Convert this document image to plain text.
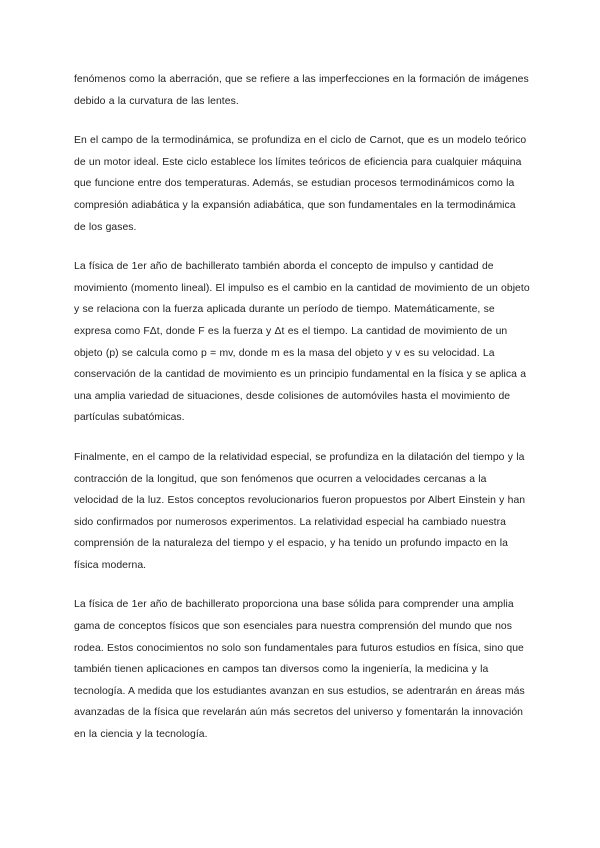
fenómenos como la aberración, que se refiere a las imperfecciones en la formación de imágenes debido a la curvatura de las lentes.

En el campo de la termodinámica, se profundiza en el ciclo de Carnot, que es un modelo teórico de un motor ideal. Este ciclo establece los límites teóricos de eficiencia para cualquier máquina que funcione entre dos temperaturas. Además, se estudian procesos termodinámicos como la compresión adiabática y la expansión adiabática, que son fundamentales en la termodinámica de los gases.

La física de 1er año de bachillerato también aborda el concepto de impulso y cantidad de movimiento (momento lineal). El impulso es el cambio en la cantidad de movimiento de un objeto y se relaciona con la fuerza aplicada durante un período de tiempo. Matemáticamente, se expresa como FΔt, donde F es la fuerza y Δt es el tiempo. La cantidad de movimiento de un objeto (p) se calcula como p = mv, donde m es la masa del objeto y v es su velocidad. La conservación de la cantidad de movimiento es un principio fundamental en la física y se aplica a una amplia variedad de situaciones, desde colisiones de automóviles hasta el movimiento de partículas subatómicas.

Finalmente, en el campo de la relatividad especial, se profundiza en la dilatación del tiempo y la contracción de la longitud, que son fenómenos que ocurren a velocidades cercanas a la velocidad de la luz. Estos conceptos revolucionarios fueron propuestos por Albert Einstein y han sido confirmados por numerosos experimentos. La relatividad especial ha cambiado nuestra comprensión de la naturaleza del tiempo y el espacio, y ha tenido un profundo impacto en la física moderna.

La física de 1er año de bachillerato proporciona una base sólida para comprender una amplia gama de conceptos físicos que son esenciales para nuestra comprensión del mundo que nos rodea. Estos conocimientos no solo son fundamentales para futuros estudios en física, sino que también tienen aplicaciones en campos tan diversos como la ingeniería, la medicina y la tecnología. A medida que los estudiantes avanzan en sus estudios, se adentrarán en áreas más avanzadas de la física que revelarán aún más secretos del universo y fomentarán la innovación en la ciencia y la tecnología.
